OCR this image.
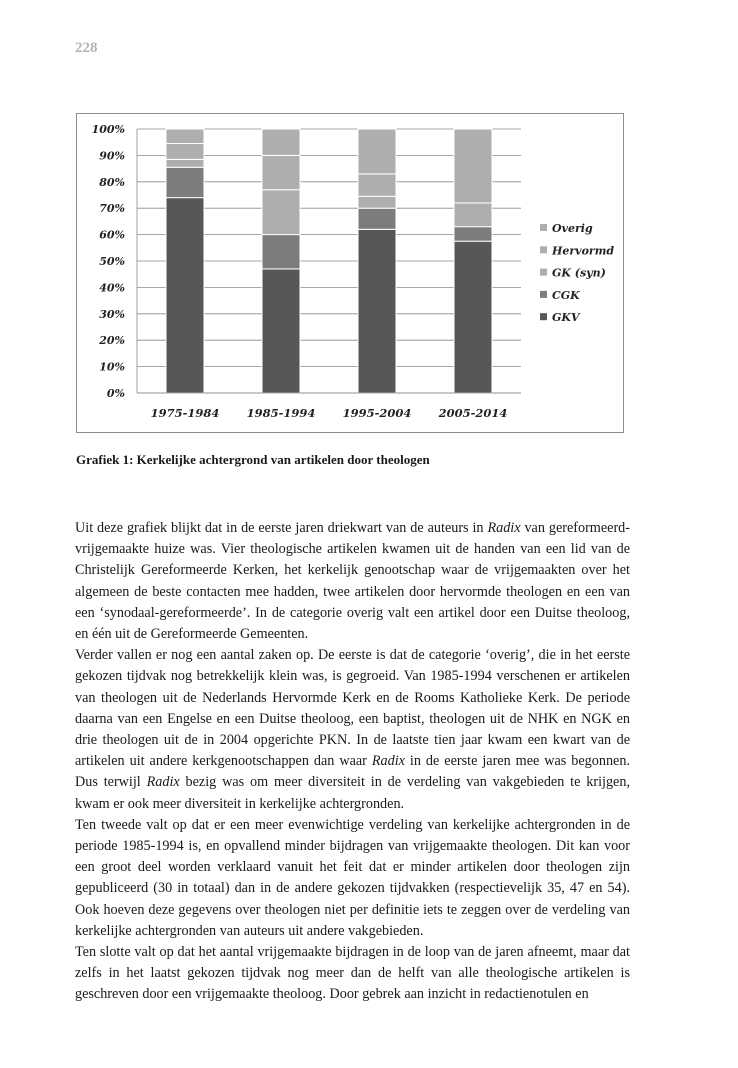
228
0%
10%
20%
30%
40%
50%
60%
70%
80%
90%
100%
1975-1984 1985-1994 1995-2004 2005-2014
Overig
Hervormd
GK (syn)
CGK
GKV
Grafiek 1: Kerkelijke achtergrond van artikelen door theologen

Uit deze grafiek blijkt dat in de eerste jaren driekwart van de auteurs in Radix van gereformeerd-vrijgemaakte huize was. Vier theologische artikelen kwamen uit de handen van een lid van de Christelijk Gereformeerde Kerken, het kerkelijk genootschap waar de vrijgemaakten over het algemeen de beste contacten mee hadden, twee artikelen door hervormde theologen en een van een ‘synodaal-gereformeerde’. In de categorie overig valt een artikel door een Duitse theoloog, en één uit de Gereformeerde Gemeenten.

Verder vallen er nog een aantal zaken op. De eerste is dat de categorie ‘overig’, die in het eerste gekozen tijdvak nog betrekkelijk klein was, is gegroeid. Van 1985-1994 verschenen er artikelen van theologen uit de Nederlands Hervormde Kerk en de Rooms Katholieke Kerk. De periode daarna van een Engelse en een Duitse theoloog, een baptist, theologen uit de NHK en NGK en drie theologen uit de in 2004 opgerichte PKN. In de laatste tien jaar kwam een kwart van de artikelen uit andere kerkgenootschappen dan waar Radix in de eerste jaren mee was begonnen. Dus terwijl Radix bezig was om meer diversiteit in de verdeling van vakgebieden te krijgen, kwam er ook meer diversiteit in kerkelijke achtergronden.

Ten tweede valt op dat er een meer evenwichtige verdeling van kerkelijke achtergronden in de periode 1985-1994 is, en opvallend minder bijdragen van vrijgemaakte theologen. Dit kan voor een groot deel worden verklaard vanuit het feit dat er minder artikelen door theologen zijn gepubliceerd (30 in totaal) dan in de andere gekozen tijdvakken (respectievelijk 35, 47 en 54). Ook hoeven deze gegevens over theologen niet per definitie iets te zeggen over de verdeling van kerkelijke achtergronden van auteurs uit andere vakgebieden.

Ten slotte valt op dat het aantal vrijgemaakte bijdragen in de loop van de jaren afneemt, maar dat zelfs in het laatst gekozen tijdvak nog meer dan de helft van alle theologische artikelen is geschreven door een vrijgemaakte theoloog. Door gebrek aan inzicht in redactienotulen en
